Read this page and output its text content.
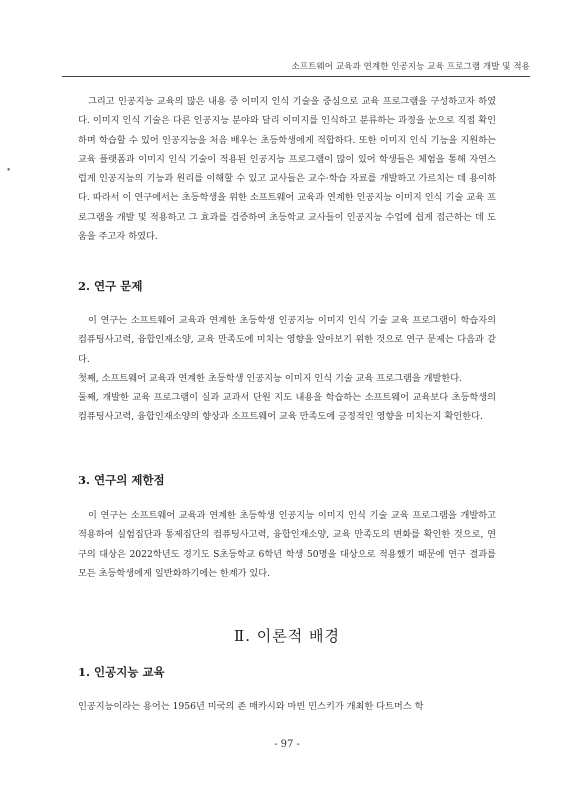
소프트웨어 교육과 연계한 인공지능 교육 프로그램 개발 및 적용
•

그리고 인공지능 교육의 많은 내용 중 이미지 인식 기술을 중심으로 교육 프로그램을 구성하고자 하였다. 이미지 인식 기술은 다른 인공지능 분야와 달리 이미지를 인식하고 분류하는 과정을 눈으로 직접 확인하며 학습할 수 있어 인공지능을 처음 배우는 초등학생에게 적합하다. 또한 이미지 인식 기능을 지원하는 교육 플랫폼과 이미지 인식 기술이 적용된 인공지능 프로그램이 많이 있어 학생들은 체험을 통해 자연스럽게 인공지능의 기능과 원리를 이해할 수 있고 교사들은 교수·학습 자료를 개발하고 가르치는 데 용이하다. 따라서 이 연구에서는 초등학생을 위한 소프트웨어 교육과 연계한 인공지능 이미지 인식 기술 교육 프로그램을 개발 및 적용하고 그 효과를 검증하여 초등학교 교사들이 인공지능 수업에 쉽게 접근하는 데 도움을 주고자 하였다.

2. 연구 문제

이 연구는 소프트웨어 교육과 연계한 초등학생 인공지능 이미지 인식 기술 교육 프로그램이 학습자의 컴퓨팅사고력, 융합인재소양, 교육 만족도에 미치는 영향을 알아보기 위한 것으로 연구 문제는 다음과 같다.

첫째, 소프트웨어 교육과 연계한 초등학생 인공지능 이미지 인식 기술 교육 프로그램을 개발한다.

둘째, 개발한 교육 프로그램이 실과 교과서 단원 지도 내용을 학습하는 소프트웨어 교육보다 초등학생의 컴퓨팅사고력, 융합인재소양의 향상과 소프트웨어 교육 만족도에 긍정적인 영향을 미치는지 확인한다.

3. 연구의 제한점

이 연구는 소프트웨어 교육과 연계한 초등학생 인공지능 이미지 인식 기술 교육 프로그램을 개발하고 적용하여 실험집단과 통제집단의 컴퓨팅사고력, 융합인재소양, 교육 만족도의 변화를 확인한 것으로, 연구의 대상은 2022학년도 경기도 S초등학교 6학년 학생 50명을 대상으로 적용했기 때문에 연구 결과를 모든 초등학생에게 일반화하기에는 한계가 있다.

Ⅱ. 이론적 배경
1. 인공지능 교육

인공지능이라는 용어는 1956년 미국의 존 매카시와 마빈 민스키가 개최한 다트머스 학

- 97 -
